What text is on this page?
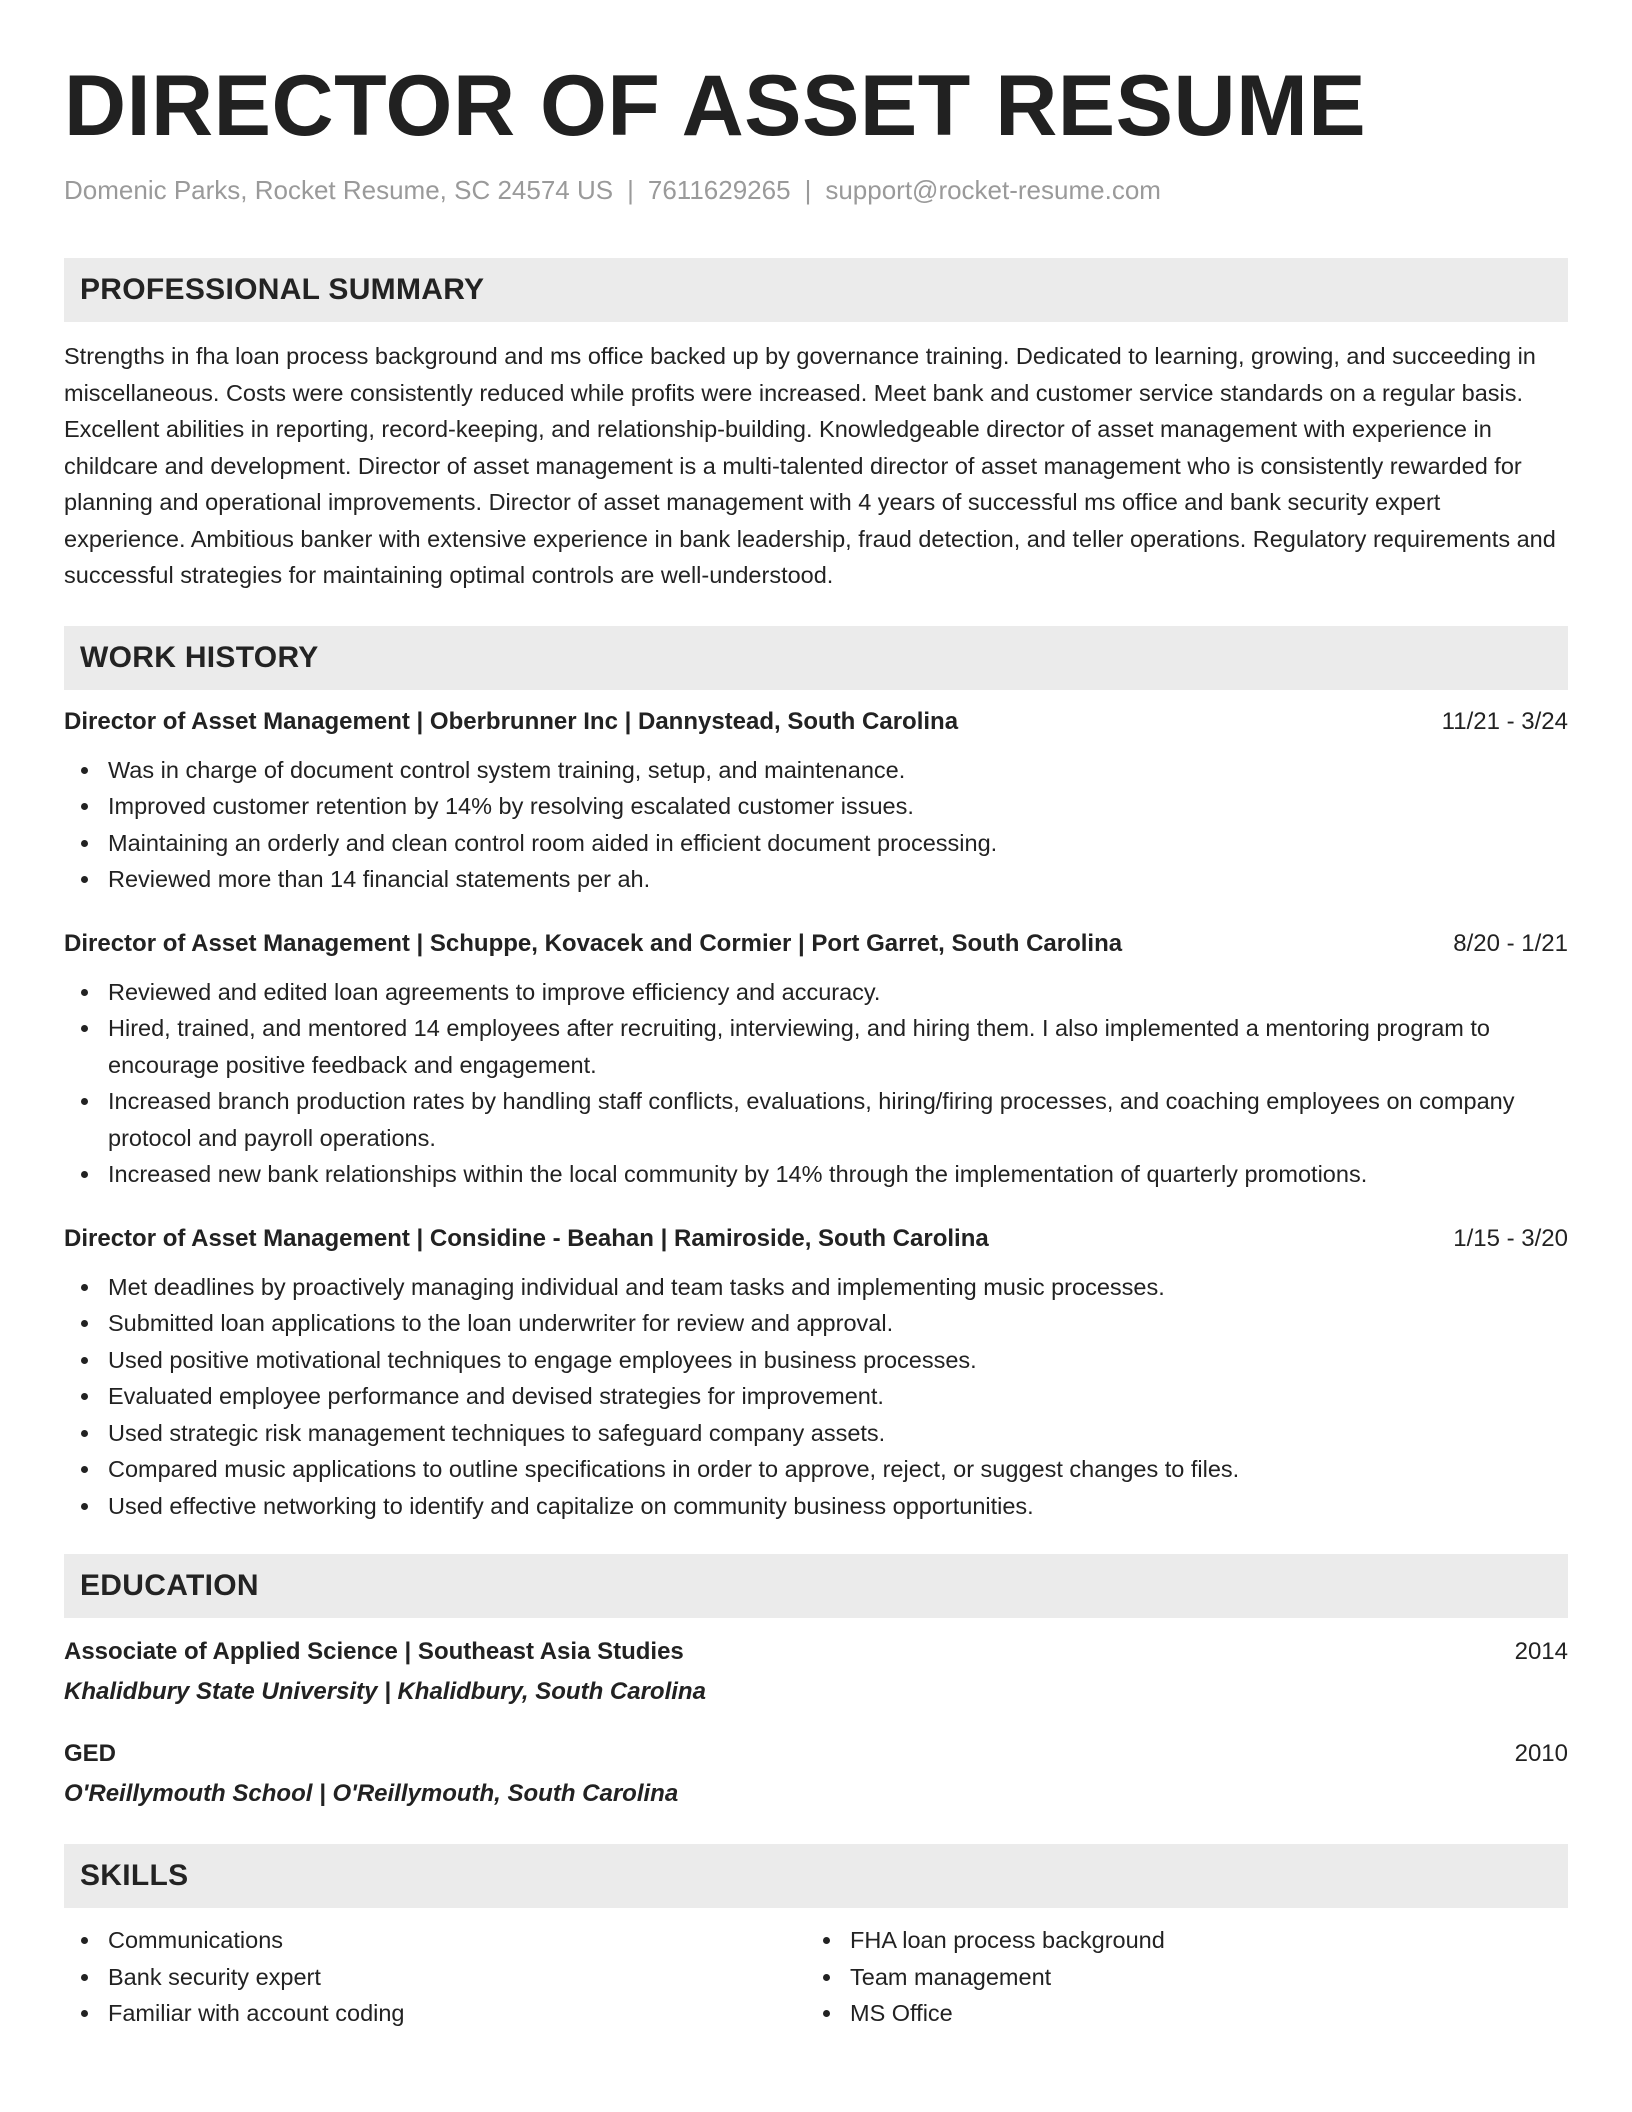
DIRECTOR OF ASSET RESUME
Domenic Parks, Rocket Resume, SC 24574 US | 7611629265 | support@rocket-resume.com
PROFESSIONAL SUMMARY
Strengths in fha loan process background and ms office backed up by governance training. Dedicated to learning, growing, and succeeding in miscellaneous. Costs were consistently reduced while profits were increased. Meet bank and customer service standards on a regular basis. Excellent abilities in reporting, record-keeping, and relationship-building. Knowledgeable director of asset management with experience in childcare and development. Director of asset management is a multi-talented director of asset management who is consistently rewarded for planning and operational improvements. Director of asset management with 4 years of successful ms office and bank security expert experience. Ambitious banker with extensive experience in bank leadership, fraud detection, and teller operations. Regulatory requirements and successful strategies for maintaining optimal controls are well-understood.
WORK HISTORY
Director of Asset Management | Oberbrunner Inc | Dannystead, South Carolina	11/21 - 3/24
Was in charge of document control system training, setup, and maintenance.
Improved customer retention by 14% by resolving escalated customer issues.
Maintaining an orderly and clean control room aided in efficient document processing.
Reviewed more than 14 financial statements per ah.
Director of Asset Management | Schuppe, Kovacek and Cormier | Port Garret, South Carolina	8/20 - 1/21
Reviewed and edited loan agreements to improve efficiency and accuracy.
Hired, trained, and mentored 14 employees after recruiting, interviewing, and hiring them. I also implemented a mentoring program to encourage positive feedback and engagement.
Increased branch production rates by handling staff conflicts, evaluations, hiring/firing processes, and coaching employees on company protocol and payroll operations.
Increased new bank relationships within the local community by 14% through the implementation of quarterly promotions.
Director of Asset Management | Considine - Beahan | Ramiroside, South Carolina	1/15 - 3/20
Met deadlines by proactively managing individual and team tasks and implementing music processes.
Submitted loan applications to the loan underwriter for review and approval.
Used positive motivational techniques to engage employees in business processes.
Evaluated employee performance and devised strategies for improvement.
Used strategic risk management techniques to safeguard company assets.
Compared music applications to outline specifications in order to approve, reject, or suggest changes to files.
Used effective networking to identify and capitalize on community business opportunities.
EDUCATION
Associate of Applied Science | Southeast Asia Studies	2014
Khalidbury State University | Khalidbury, South Carolina
GED	2010
O'Reillymouth School | O'Reillymouth, South Carolina
SKILLS
Communications
Bank security expert
Familiar with account coding
FHA loan process background
Team management
MS Office
